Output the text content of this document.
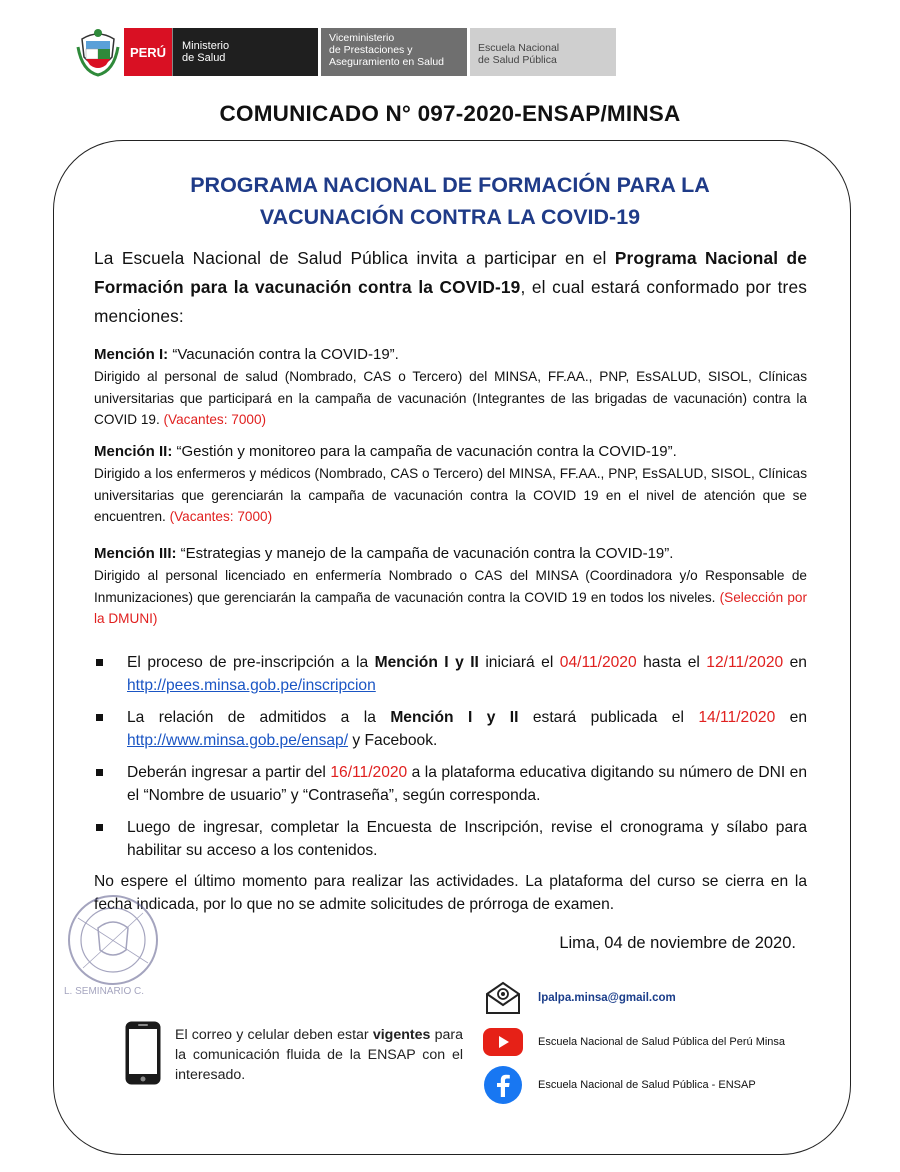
PERÚ	Ministerio
de Salud
Viceministerio
de Prestaciones y
Aseguramiento en Salud
Escuela Nacional
de Salud Pública
COMUNICADO N° 097-2020-ENSAP/MINSA
PROGRAMA NACIONAL DE FORMACIÓN PARA LA
VACUNACIÓN CONTRA LA COVID-19
La Escuela Nacional de Salud Pública invita a participar en el Programa Nacional de Formación para la vacunación contra la COVID-19, el cual estará conformado por tres menciones:
Mención I: “Vacunación contra la COVID-19”.
Dirigido al personal de salud (Nombrado, CAS o Tercero) del MINSA, FF.AA., PNP, EsSALUD, SISOL, Clínicas universitarias que participará en la campaña de vacunación (Integrantes de las brigadas de vacunación) contra la COVID 19. (Vacantes: 7000)
Mención II: “Gestión y monitoreo para la campaña de vacunación contra la COVID-19”.
Dirigido a los enfermeros y médicos (Nombrado, CAS o Tercero) del MINSA, FF.AA., PNP, EsSALUD, SISOL, Clínicas universitarias que gerenciarán la campaña de vacunación contra la COVID 19 en el nivel de atención que se encuentren. (Vacantes: 7000)
Mención III: “Estrategias y manejo de la campaña de vacunación contra la COVID-19”.
Dirigido al personal licenciado en enfermería Nombrado o CAS del MINSA (Coordinadora y/o Responsable de Inmunizaciones) que gerenciarán la campaña de vacunación contra la COVID 19 en todos los niveles. (Selección por la DMUNI)
El proceso de pre-inscripción a la Mención I y II iniciará el 04/11/2020 hasta el 12/11/2020 en http://pees.minsa.gob.pe/inscripcion
La relación de admitidos a la Mención I y II estará publicada el 14/11/2020 en http://www.minsa.gob.pe/ensap/ y Facebook.
Deberán ingresar a partir del 16/11/2020 a la plataforma educativa digitando su número de DNI en el “Nombre de usuario” y “Contraseña”, según corresponda.
Luego de ingresar, completar la Encuesta de Inscripción, revise el cronograma y sílabo para habilitar su acceso a los contenidos.
No espere el último momento para realizar las actividades. La plataforma del curso se cierra en la fecha indicada, por lo que no se admite solicitudes de prórroga de examen.
L. SEMINARIO C.
Lima, 04 de noviembre de 2020.
El correo y celular deben estar vigentes para la comunicación fluida de la ENSAP con el interesado.
lpalpa.minsa@gmail.com
Escuela Nacional de Salud Pública del Perú Minsa
Escuela Nacional de Salud Pública - ENSAP
